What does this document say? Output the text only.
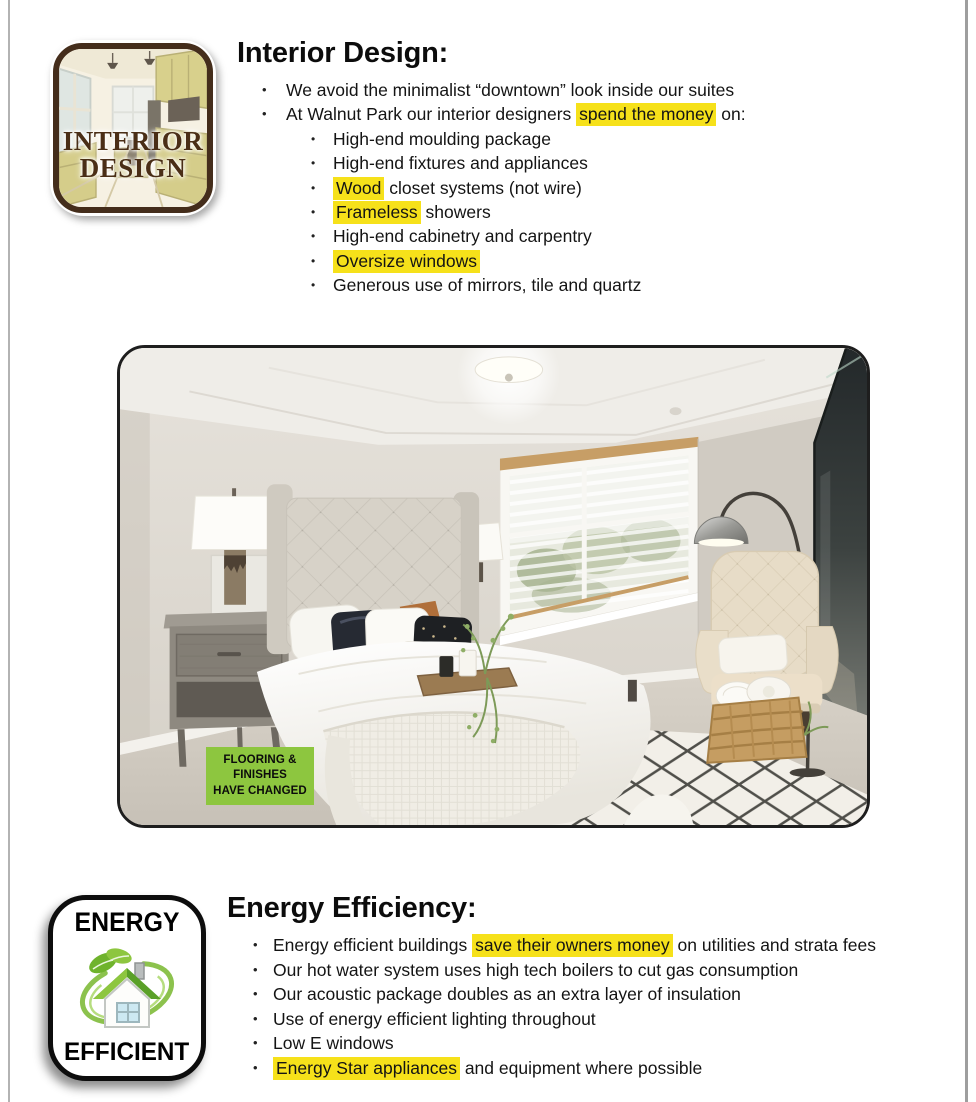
INTERIOR
DESIGN
Interior Design:
•	We avoid the minimalist “downtown” look inside our suites
•	At Walnut Park our interior designers spend the money on:
•	High-end moulding package
•	High-end fixtures and appliances
•	Wood closet systems (not wire)
•	Frameless showers
•	High-end cabinetry and carpentry
•	Oversize windows
•	Generous use of mirrors, tile and quartz
FLOORING &
FINISHES
HAVE CHANGED
ENERGY
EFFICIENT
Energy Efficiency:
• Energy efficient buildings save their owners money on utilities and strata fees
• Our hot water system uses high tech boilers to cut gas consumption
• Our acoustic package doubles as an extra layer of insulation
• Use of energy efficient lighting throughout
• Low E windows
•	Energy Star appliances and equipment where possible
